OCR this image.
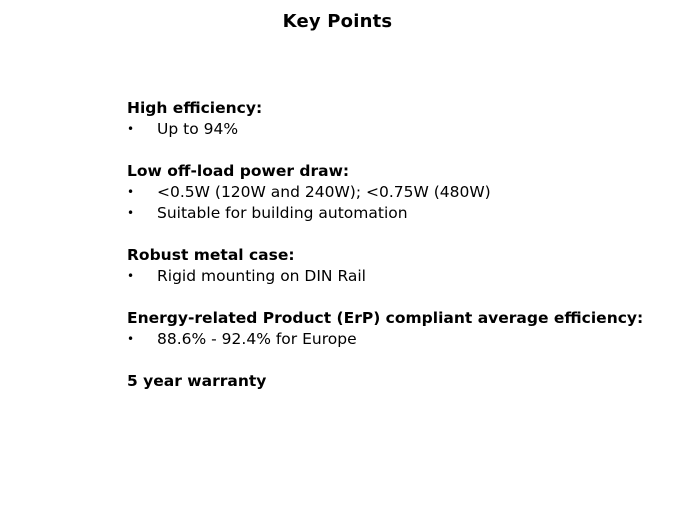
Key Points
High efficiency:
• Up to 94%
Low off-load power draw:
• <0.5W (120W and 240W); <0.75W (480W)
• Suitable for building automation
Robust metal case:
• Rigid mounting on DIN Rail
Energy-related Product (ErP) compliant average efficiency:
• 88.6% - 92.4% for Europe
5 year warranty
